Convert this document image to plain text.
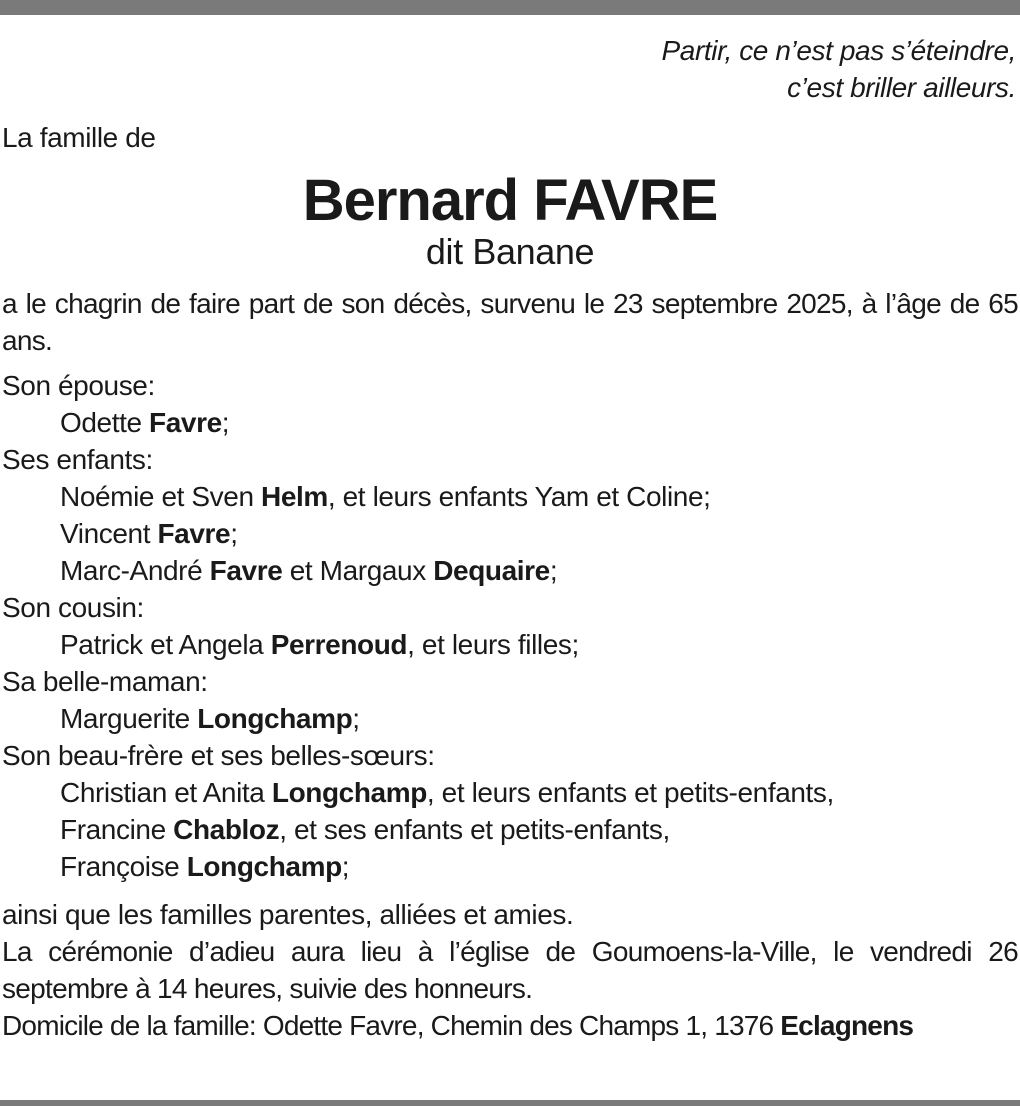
Partir, ce n’est pas s’éteindre,
c’est briller ailleurs.
La famille de
Bernard FAVRE
dit Banane
a le chagrin de faire part de son décès, survenu le 23 septembre 2025, à l’âge de 65 ans.
Son épouse:
Odette Favre;
Ses enfants:
Noémie et Sven Helm, et leurs enfants Yam et Coline;
Vincent Favre;
Marc-André Favre et Margaux Dequaire;
Son cousin:
Patrick et Angela Perrenoud, et leurs filles;
Sa belle-maman:
Marguerite Longchamp;
Son beau-frère et ses belles-sœurs:
Christian et Anita Longchamp, et leurs enfants et petits-enfants,
Francine Chabloz, et ses enfants et petits-enfants,
Françoise Longchamp;
ainsi que les familles parentes, alliées et amies.
La cérémonie d’adieu aura lieu à l’église de Goumoens-la-Ville, le vendredi 26 septembre à 14 heures, suivie des honneurs.
Domicile de la famille: Odette Favre, Chemin des Champs 1, 1376 Eclagnens
